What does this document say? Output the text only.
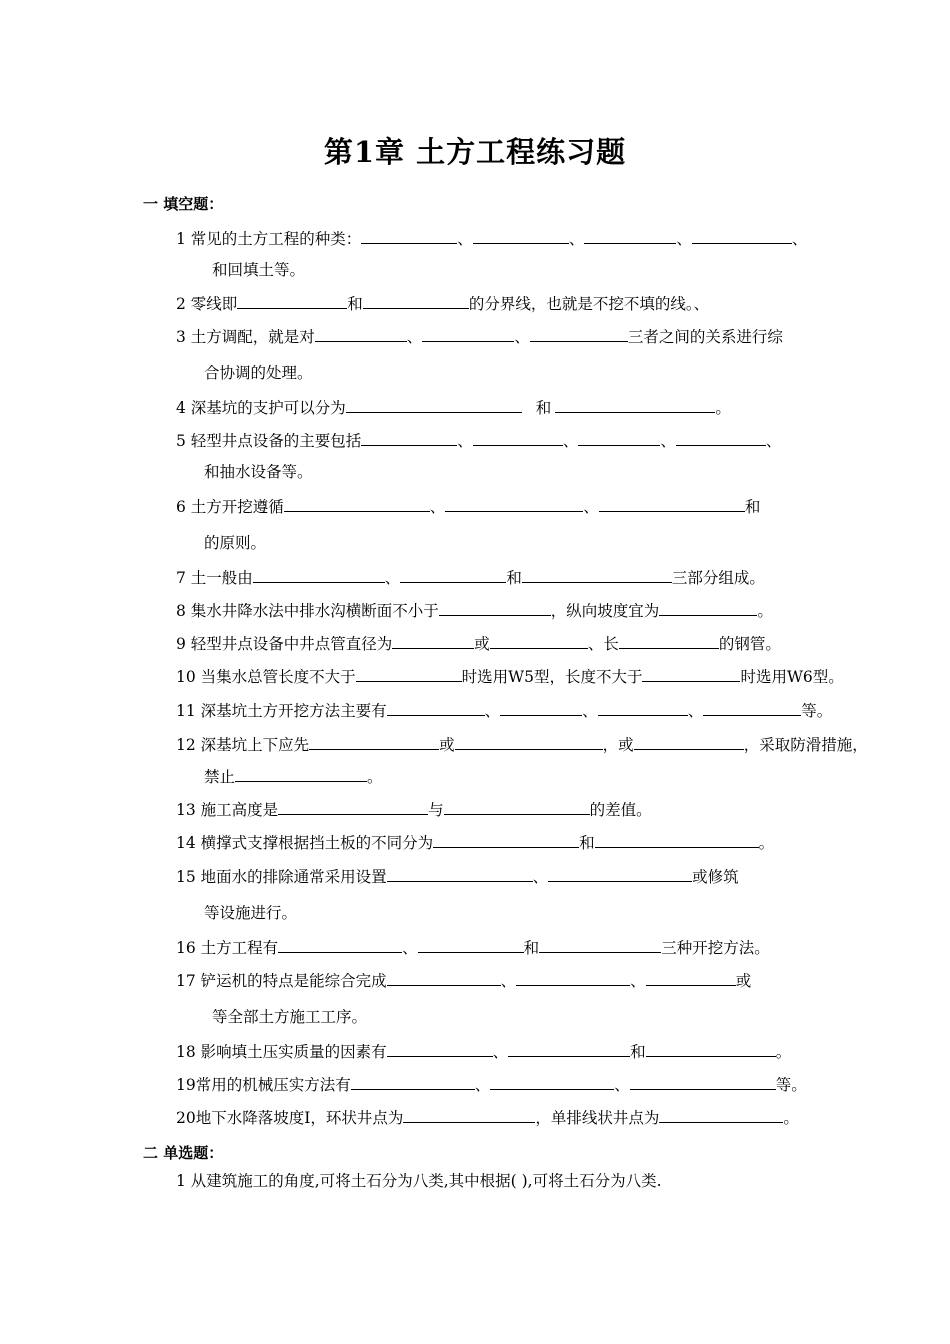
第1章 土方工程练习题
一 填空题：
1 常见的土方工程的种类：	、	、	、	、
和回填土等。
2 零线即	和	的分界线，也就是不挖不填的线。、
3 土方调配，就是对	、	、	三者之间的关系进行综
合协调的处理。
4 深基坑的支护可以分为	和	。
5 轻型井点设备的主要包括	、	、	、	、
和抽水设备等。
6 土方开挖遵循	、	、	和
的原则。
7 土一般由	、	和	三部分组成。
8 集水井降水法中排水沟横断面不小于	，纵向坡度宜为	。
9 轻型井点设备中井点管直径为	或	、长	的钢管。
10 当集水总管长度不大于	时选用W5型，长度不大于	时选用W6型。
11 深基坑土方开挖方法主要有	、	、	、	等。
12 深基坑上下应先	或	，或	，采取防滑措施，
禁止	。
13 施工高度是	与	的差值。
14 横撑式支撑根据挡土板的不同分为	和	。
15 地面水的排除通常采用设置	、	或修筑
等设施进行。
16 土方工程有	、	和	三种开挖方法。
17 铲运机的特点是能综合完成	、	、	或
等全部土方施工工序。
18 影响填土压实质量的因素有	、	和	。
19常用的机械压实方法有	、	、	等。
20地下水降落坡度I，环状井点为	，单排线状井点为	。
二 单选题：
1 从建筑施工的角度,可将土石分为八类,其中根据( ),可将土石分为八类.
